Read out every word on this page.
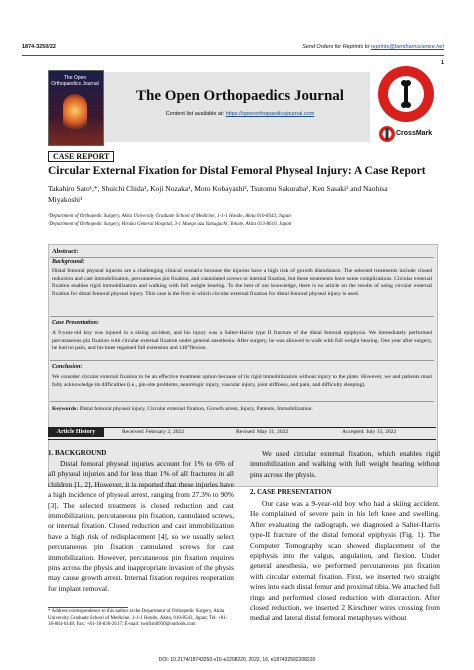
1874-3250/22	Send Orders for Reprints to reprints@benthamscience.net
1
The Open Orthopaedics Journal
The Open Orthopaedics Journal
Content list available at: https://openorthopaedicsjournal.com
CrossMark
CASE REPORT
Circular External Fixation for Distal Femoral Physeal Injury: A Case Report
Takahiro Sato¹,*, Shuichi Chida¹, Koji Nozaka¹, Moto Kobayashi², Tsutomu Sakuraba², Ken Sasaki² and Naohisa
Miyakoshi¹
¹Department of Orthopedic Surgery, Akita University Graduate School of Medicine, 1-1-1 Hondo, Akita 010-8543, Japan
²Department of Orthopedic Surgery, Hiraka General Hospital, 3-1 Maego aza Yatsuguchi, Yokote, Akita 013-8610, Japan
Abstract:
Background:
Distal femoral physeal injuries are a challenging clinical scenario because the injuries have a high risk of growth disturbance. The selected treatments include closed reduction and cast immobilization, percutaneous pin fixation, and cannulated screws or internal fixation, but these treatments have some complications. Circular external fixation enables rigid immobilization and walking with full weight bearing. To the best of our knowledge, there is no article on the results of using circular external fixation for distal femoral physeal injury. This case is the first in which circular external fixation for distal femoral physeal injury is used.
Case Presentation:
A 9-year-old boy was injured in a skiing accident, and his injury was a Salter-Harris type II fracture of the distal femoral epiphysis. We immediately performed percutaneous pin fixation with circular external fixation under general anesthesia. After surgery, he was allowed to walk with full weight bearing. One year after surgery, he had no pain, and his knee regained full extension and 140°flexion.
Conclusion:
We consider circular external fixation to be an effective treatment option because of its rigid immobilization without injury to the plate. However, we and patients must fully acknowledge its difficulties (i.e., pin-site problems, neurologic injury, vascular injury, joint stiffness, and pain, and difficulty sleeping).
Keywords: Distal femoral physeal injury, Circular external fixation, Growth arrest, Injury, Patients, Immobilization.
Article History	Received: February 2, 2022	Revised: May 31, 2022	Accepted: July 15, 2022
1. BACKGROUND
Distal femoral physeal injuries account for 1% to 6% of all physeal injuries and for less than 1% of all fractures in all children [1, 2], However, it is reported that these injuries have a high incidence of physeal arrest, ranging from 27.3% to 90% [3]. The selected treatment is closed reduction and cast immobilization, percutaneous pin fixation, cannulated screws, or internal fixation. Closed reduction and cast immobilization have a high risk of redisplacement [4], so we usually select percutaneous pin fixation cannulated screws for cast immobilization. However, percutaneous pin fixation requires pins across the physis and inappropriate invasion of the physis may cause growth arrest. Internal fixation requires reoperation for implant removal.
We used circular external fixation, which enables rigid immobilization and walking with full weight bearing without pins across the physis.
2. CASE PRESENTATION
Our case was a 9-year-old boy who had a skiing accident. He complained of severe pain in his left knee and swelling. After evaluating the radiograph, we diagnosed a Salter-Harris type-II fracture of the distal femoral epiphysis (Fig. 1). The Computer Tomography scan showed displacement of the epiphysis into the valgus, angulation, and flexion. Under general anesthesia, we performed percutaneous pin fixation with circular external fixation. First, we inserted two straight wires into each distal femur and proximal tibia. We attached full rings and performed closed reduction with distraction. After closed reduction, we inserted 2 Kirschner wires crossing from medial and lateral distal femoral metaphyses without
* Address correspondence to this author at the Department of Orthopedic Surgery, Akita University Graduate School of Medicine, 1-1-1 Hondo, Akita, 010-8543, Japan; Tel: +81-18-884-6148; Fax: +81-18-836-2617; E-mail: twofish0930@outlook.com
DOI: 10.2174/18743250-v16-e2208220, 2022, 16, e187432502208220
